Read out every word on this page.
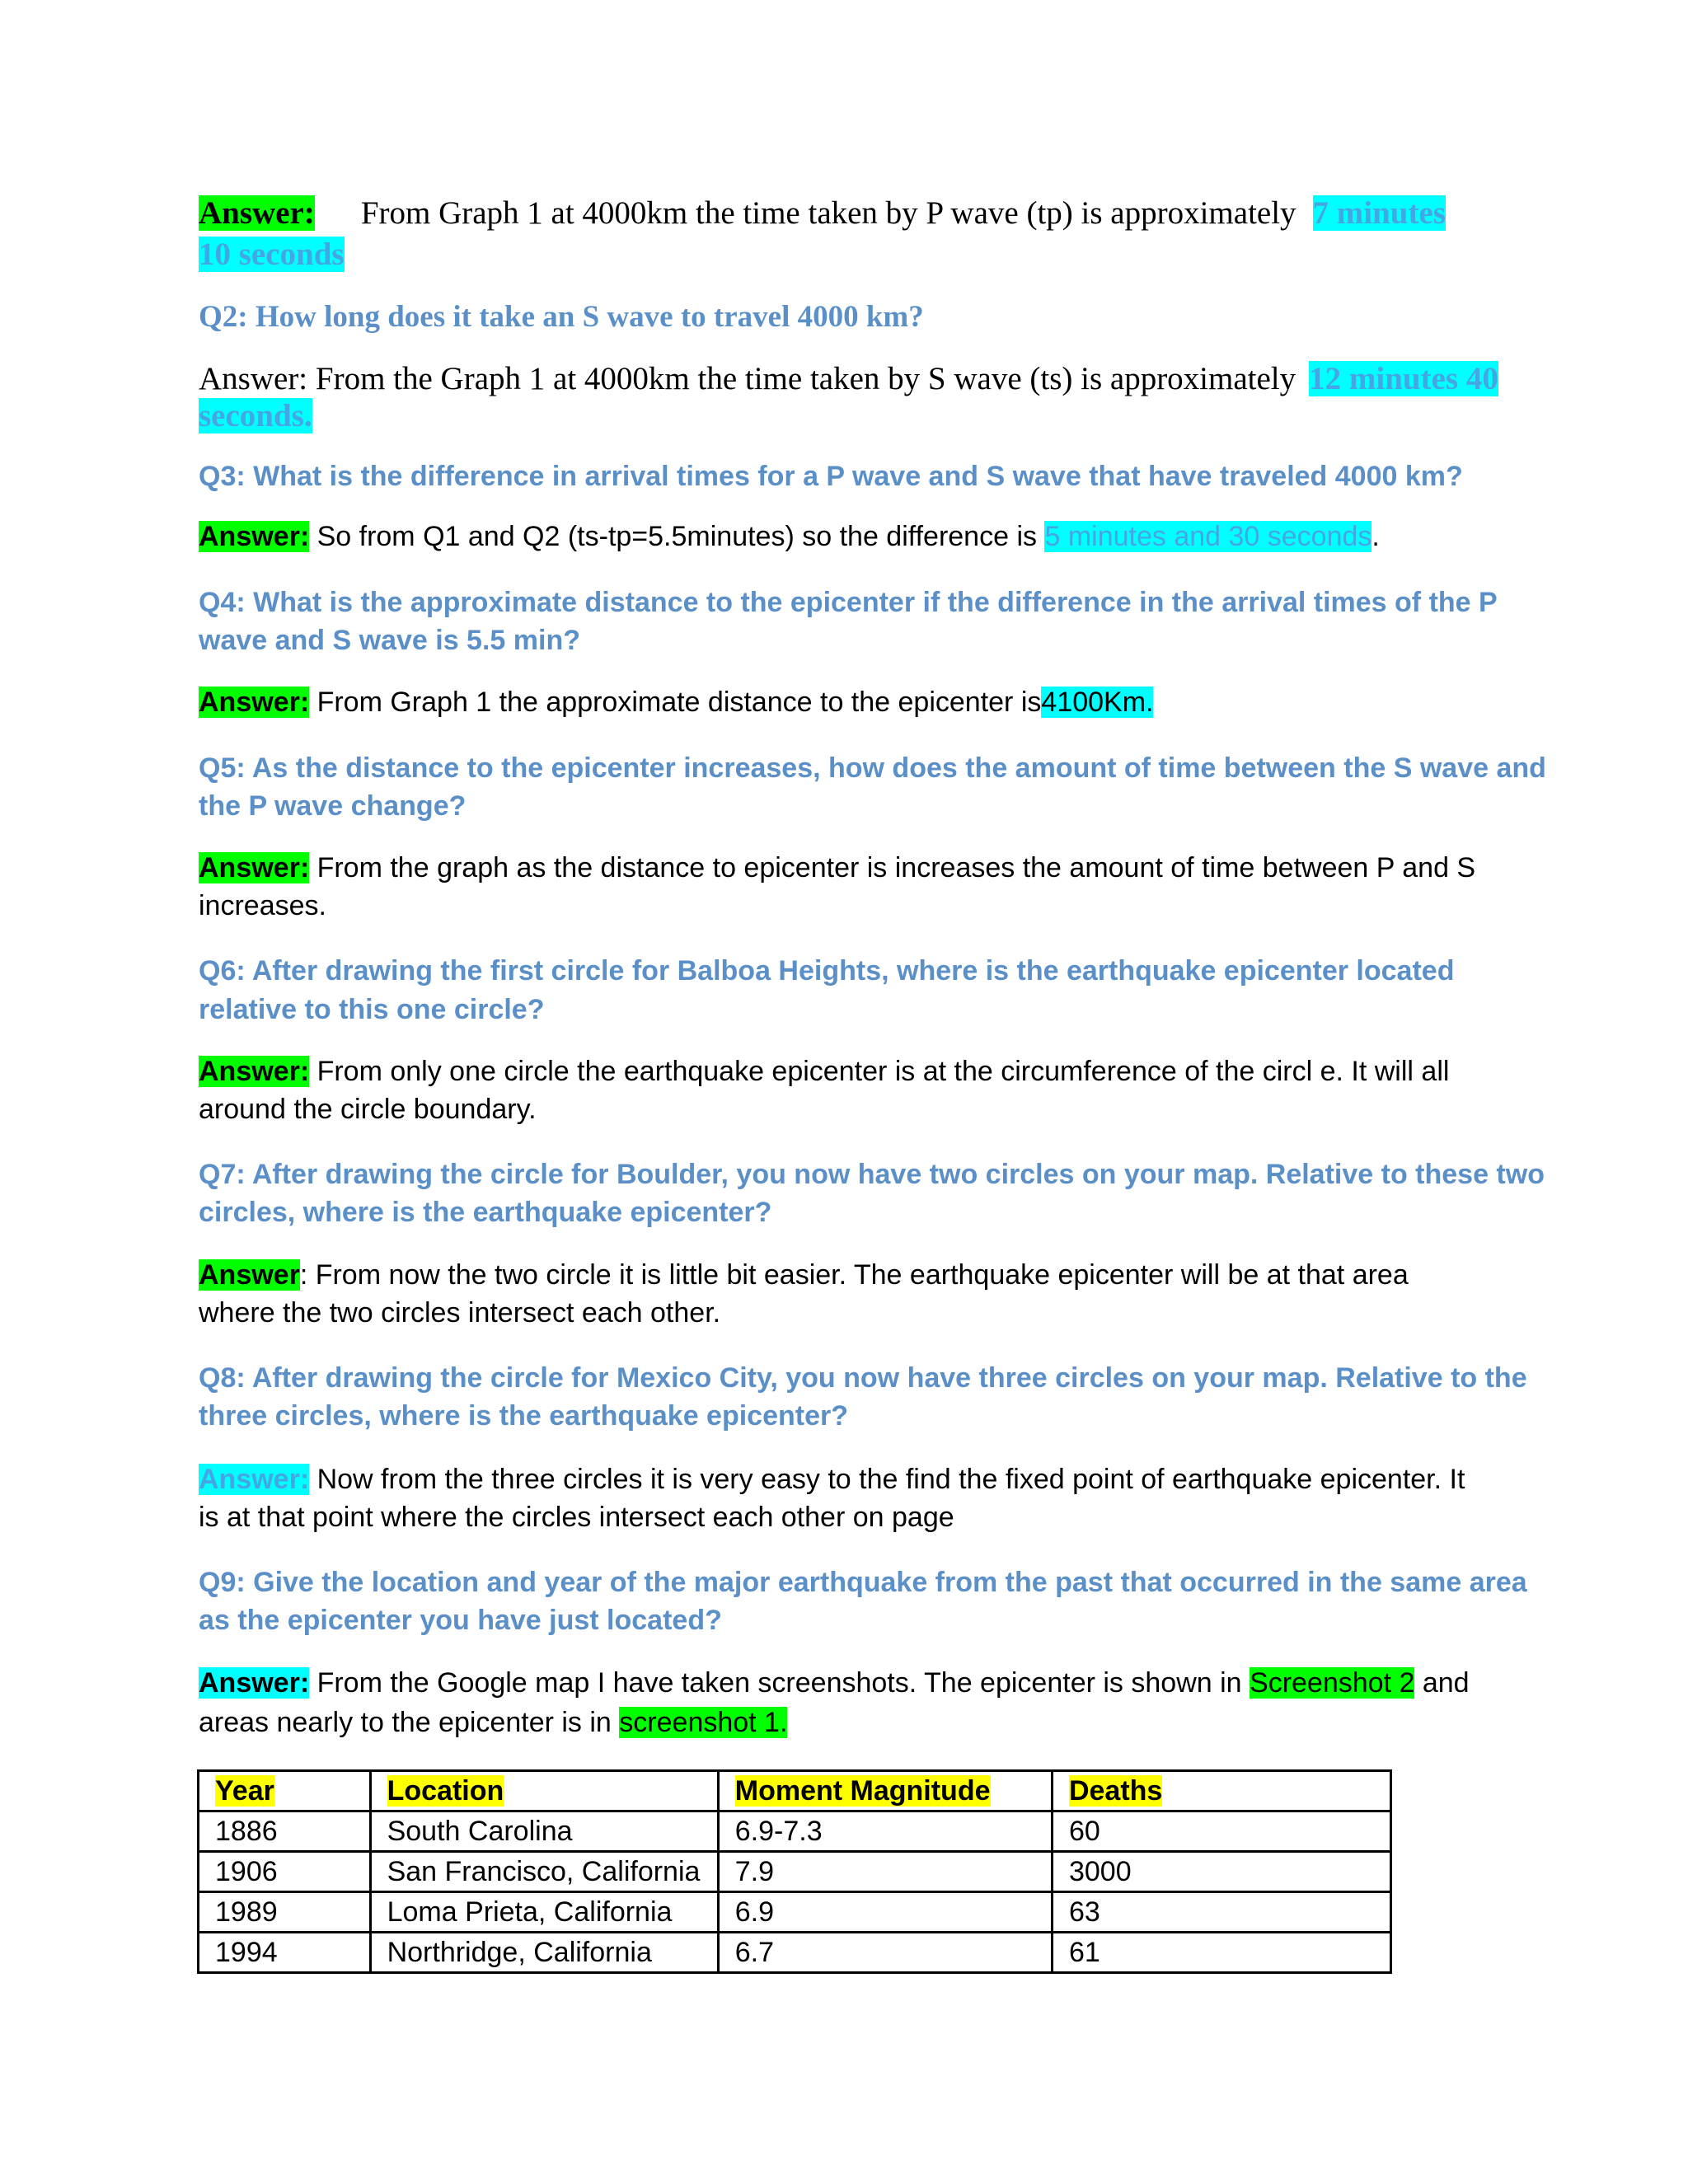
Answer: From Graph 1 at 4000km the time taken by P wave (tp) is approximately 7 minutes

10 seconds

Q2: How long does it take an S wave to travel 4000 km?

Answer: From the Graph 1 at 4000km the time taken by S wave (ts) is approximately 12 minutes 40

seconds.

Q3: What is the difference in arrival times for a P wave and S wave that have traveled 4000 km?

Answer: So from Q1 and Q2 (ts-tp=5.5minutes) so the difference is 5 minutes and 30 seconds.

Q4: What is the approximate distance to the epicenter if the difference in the arrival times of the P

wave and S wave is 5.5 min?

Answer: From Graph 1 the approximate distance to the epicenter is4100Km.

Q5: As the distance to the epicenter increases, how does the amount of time between the S wave and

the P wave change?

Answer: From the graph as the distance to epicenter is increases the amount of time between P and S

increases.

Q6: After drawing the first circle for Balboa Heights, where is the earthquake epicenter located

relative to this one circle?

Answer: From only one circle the earthquake epicenter is at the circumference of the circl e. It will all

around the circle boundary.

Q7: After drawing the circle for Boulder, you now have two circles on your map. Relative to these two

circles, where is the earthquake epicenter?

Answer: From now the two circle it is little bit easier. The earthquake epicenter will be at that area

where the two circles intersect each other.

Q8: After drawing the circle for Mexico City, you now have three circles on your map. Relative to the

three circles, where is the earthquake epicenter?

Answer: Now from the three circles it is very easy to the find the fixed point of earthquake epicenter. It

is at that point where the circles intersect each other on page

Q9: Give the location and year of the major earthquake from the past that occurred in the same area

as the epicenter you have just located?

Answer: From the Google map I have taken screenshots. The epicenter is shown in Screenshot 2 and

areas nearly to the epicenter is in screenshot 1.

Year	Location	Moment Magnitude	Deaths
1886	South Carolina	6.9-7.3	60
1906	San Francisco, California	7.9	3000
1989	Loma Prieta, California	6.9	63
1994	Northridge, California	6.7	61
